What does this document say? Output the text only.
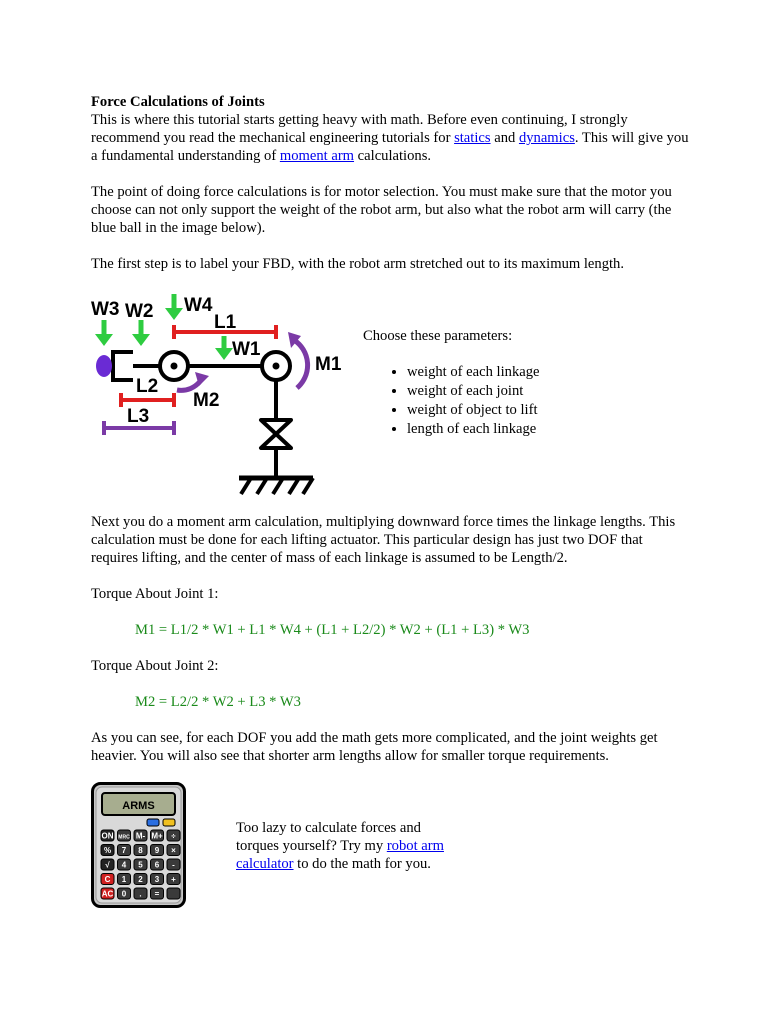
Force Calculations of Joints

This is where this tutorial starts getting heavy with math. Before even continuing, I strongly recommend you read the mechanical engineering tutorials for statics and dynamics. This will give you a fundamental understanding of moment arm calculations.

The point of doing force calculations is for motor selection. You must make sure that the motor you choose can not only support the weight of the robot arm, but also what the robot arm will carry (the blue ball in the image below).

The first step is to label your FBD, with the robot arm stretched out to its maximum length.

W3 W2 W4
L1
W1
M1
L2
M2
L3

Choose these parameters:

• weight of each linkage
• weight of each joint
• weight of object to lift
• length of each linkage

Next you do a moment arm calculation, multiplying downward force times the linkage lengths. This calculation must be done for each lifting actuator. This particular design has just two DOF that requires lifting, and the center of mass of each linkage is assumed to be Length/2.

Torque About Joint 1:

M1 = L1/2 * W1 + L1 * W4 + (L1 + L2/2) * W2 + (L1 + L3) * W3

Torque About Joint 2:

M2 = L2/2 * W2 + L3 * W3

As you can see, for each DOF you add the math gets more complicated, and the joint weights get heavier. You will also see that shorter arm lengths allow for smaller torque requirements.

ARMS
ON MRC M- M+ ÷
% 7 8 9 ×
√ 4 5 6 -
C 1 2 3 +
AC 0 . =

Too lazy to calculate forces and torques yourself? Try my robot arm calculator to do the math for you.
